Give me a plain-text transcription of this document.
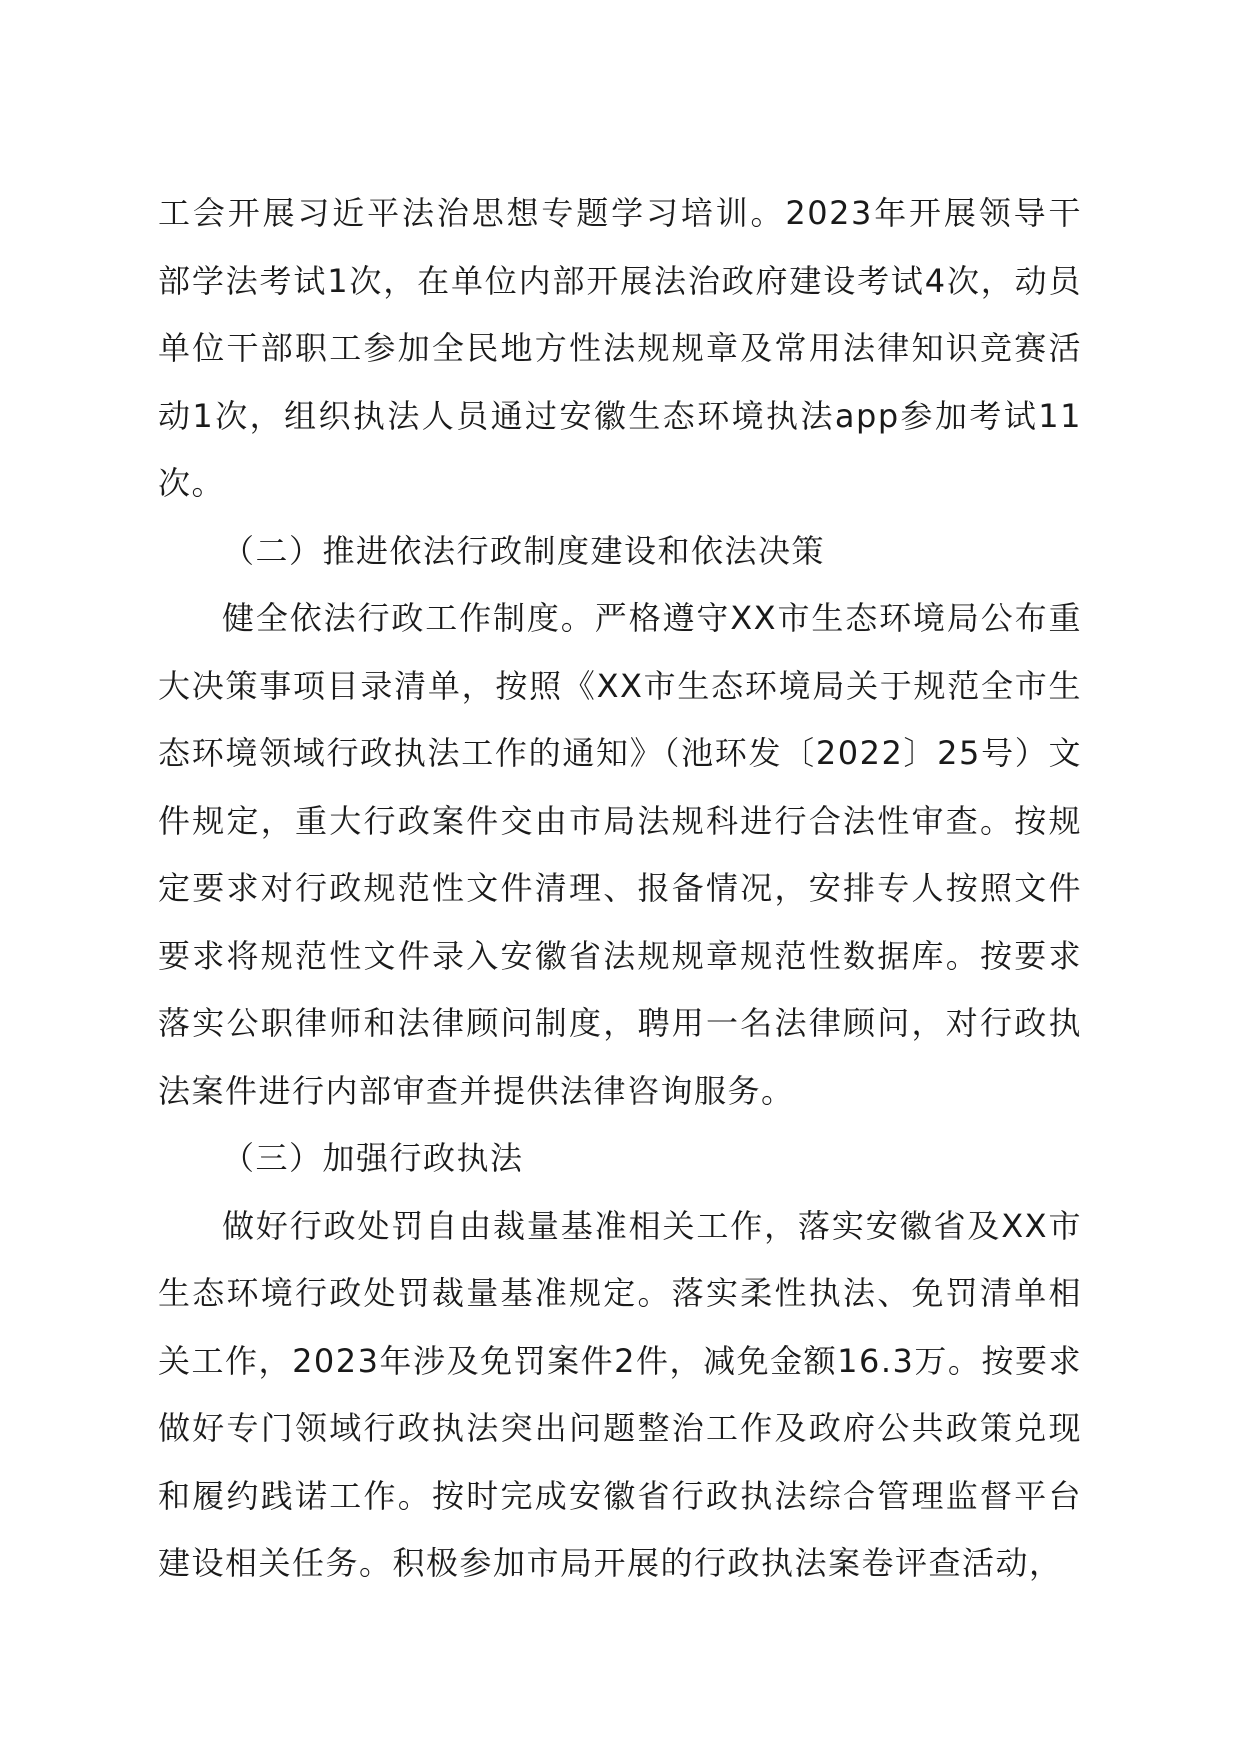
工会开展习近平法治思想专题学习培训。2023年开展领导干部学法考试1次，在单位内部开展法治政府建设考试4次，动员单位干部职工参加全民地方性法规规章及常用法律知识竞赛活动1次，组织执法人员通过安徽生态环境执法app参加考试11次。

（二）推进依法行政制度建设和依法决策

健全依法行政工作制度。严格遵守XX市生态环境局公布重大决策事项目录清单，按照《XX市生态环境局关于规范全市生态环境领域行政执法工作的通知》（池环发〔2022〕25号）文件规定，重大行政案件交由市局法规科进行合法性审查。按规定要求对行政规范性文件清理、报备情况，安排专人按照文件要求将规范性文件录入安徽省法规规章规范性数据库。按要求落实公职律师和法律顾问制度，聘用一名法律顾问，对行政执法案件进行内部审查并提供法律咨询服务。

（三）加强行政执法

做好行政处罚自由裁量基准相关工作，落实安徽省及XX市生态环境行政处罚裁量基准规定。落实柔性执法、免罚清单相关工作，2023年涉及免罚案件2件，减免金额16.3万。按要求做好专门领域行政执法突出问题整治工作及政府公共政策兑现和履约践诺工作。按时完成安徽省行政执法综合管理监督平台建设相关任务。积极参加市局开展的行政执法案卷评查活动，
